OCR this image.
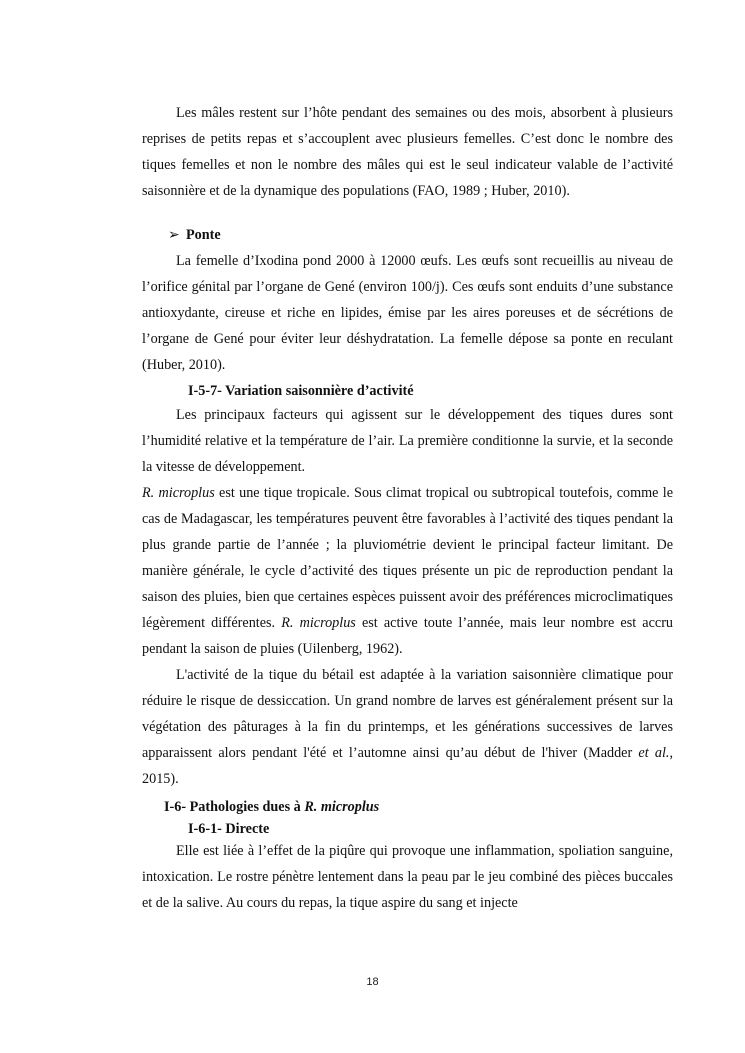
Les mâles restent sur l’hôte pendant des semaines ou des mois, absorbent à plusieurs reprises de petits repas et s’accouplent avec plusieurs femelles. C’est donc le nombre des tiques femelles et non le nombre des mâles qui est le seul indicateur valable de l’activité saisonnière et de la dynamique des populations (FAO, 1989 ; Huber, 2010).

➢ Ponte

La femelle d’Ixodina pond 2000 à 12000 œufs. Les œufs sont recueillis au niveau de l’orifice génital par l’organe de Gené (environ 100/j). Ces œufs sont enduits d’une substance antioxydante, cireuse et riche en lipides, émise par les aires poreuses et de sécrétions de l’organe de Gené pour éviter leur déshydratation. La femelle dépose sa ponte en reculant (Huber, 2010).

I-5-7- Variation saisonnière d’activité

Les principaux facteurs qui agissent sur le développement des tiques dures sont l’humidité relative et la température de l’air. La première conditionne la survie, et la seconde la vitesse de développement.

R. microplus est une tique tropicale. Sous climat tropical ou subtropical toutefois, comme le cas de Madagascar, les températures peuvent être favorables à l’activité des tiques pendant la plus grande partie de l’année ; la pluviométrie devient le principal facteur limitant. De manière générale, le cycle d’activité des tiques présente un pic de reproduction pendant la saison des pluies, bien que certaines espèces puissent avoir des préférences microclimatiques légèrement différentes. R. microplus est active toute l’année, mais leur nombre est accru pendant la saison de pluies (Uilenberg, 1962).

L'activité de la tique du bétail est adaptée à la variation saisonnière climatique pour réduire le risque de dessiccation. Un grand nombre de larves est généralement présent sur la végétation des pâturages à la fin du printemps, et les générations successives de larves apparaissent alors pendant l'été et l’automne ainsi qu’au début de l'hiver (Madder et al., 2015).

I-6- Pathologies dues à R. microplus

I-6-1- Directe

Elle est liée à l’effet de la piqûre qui provoque une inflammation, spoliation sanguine, intoxication. Le rostre pénètre lentement dans la peau par le jeu combiné des pièces buccales et de la salive. Au cours du repas, la tique aspire du sang et injecte

18
